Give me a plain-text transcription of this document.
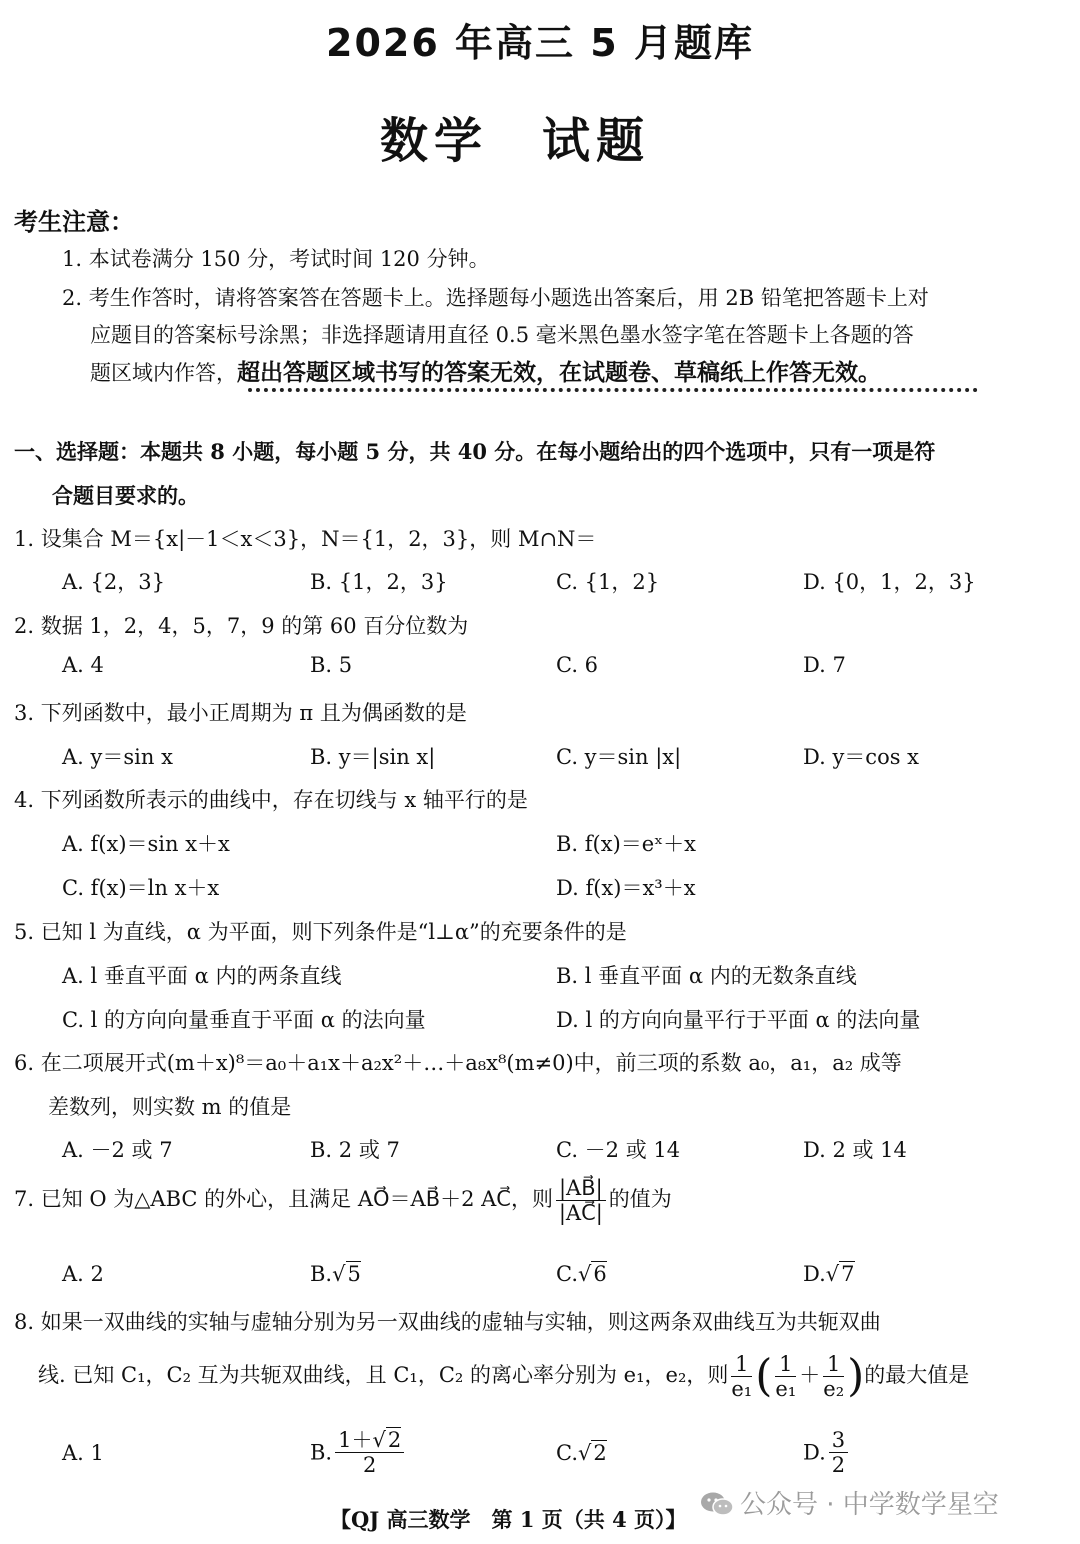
2026 年高三 5 月题库
数学　试题
考生注意：
1. 本试卷满分 150 分，考试时间 120 分钟。
2. 考生作答时，请将答案答在答题卡上。选择题每小题选出答案后，用 2B 铅笔把答题卡上对
应题目的答案标号涂黑；非选择题请用直径 0.5 毫米黑色墨水签字笔在答题卡上各题的答
题区域内作答，超出答题区域书写的答案无效，在试题卷、草稿纸上作答无效。
一、选择题：本题共 8 小题，每小题 5 分，共 40 分。在每小题给出的四个选项中，只有一项是符
合题目要求的。
1. 设集合 M＝{x|－1＜x＜3}，N＝{1，2，3}，则 M∩N＝
A. {2，3}	B. {1，2，3}	C. {1，2}	D. {0，1，2，3}
2. 数据 1，2，4，5，7，9 的第 60 百分位数为
A. 4	B. 5	C. 6	D. 7
3. 下列函数中，最小正周期为 π 且为偶函数的是
A. y＝sin x	B. y＝|sin x|	C. y＝sin |x|	D. y＝cos x
4. 下列函数所表示的曲线中，存在切线与 x 轴平行的是
A. f(x)＝sin x＋x	B. f(x)＝eˣ＋x
C. f(x)＝ln x＋x	D. f(x)＝x³＋x
5. 已知 l 为直线，α 为平面，则下列条件是“l⊥α”的充要条件的是
A. l 垂直平面 α 内的两条直线	B. l 垂直平面 α 内的无数条直线
C. l 的方向向量垂直于平面 α 的法向量	D. l 的方向向量平行于平面 α 的法向量
6. 在二项展开式(m＋x)⁸＝a₀＋a₁x＋a₂x²＋…＋a₈x⁸(m≠0)中，前三项的系数 a₀，a₁，a₂ 成等
差数列，则实数 m 的值是
A. －2 或 7	B. 2 或 7	C. －2 或 14	D. 2 或 14
7. 已知 O 为△ABC 的外心，且满足 AO⃗＝AB⃗＋2 AC⃗，则 $\frac{|AB⃗|}{|AC⃗|}$ 的值为
A. 2	B.√5	C.√6	D.√7
8. 如果一双曲线的实轴与虚轴分别为另一双曲线的虚轴与实轴，则这两条双曲线互为共轭双曲
线. 已知 C₁，C₂ 互为共轭双曲线，且 C₁，C₂ 的离心率分别为 e₁，e₂，则 $\frac{1}{\text{e₁}}$ ( $\frac{1}{\text{e₁}} + \frac{1}{\text{e₂}}$ )的最大值是
A. 1	B. $\frac{1+√2}{2}$	C.√2	D. $\frac{3}{2}$
公众号 · 中学数学星空
【QJ 高三数学　第 1 页（共 4 页）】
